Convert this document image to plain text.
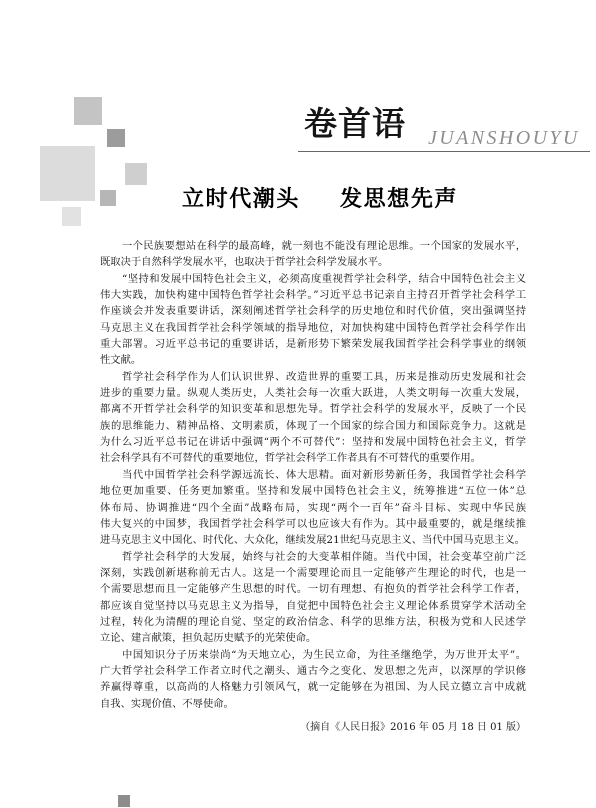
卷首语 JUANSHOUYU
立时代潮头 发思想先声
一个民族要想站在科学的最高峰，就一刻也不能没有理论思维。一个国家的发展水平，
既取决于自然科学发展水平，也取决于哲学社会科学发展水平。
“坚持和发展中国特色社会主义，必须高度重视哲学社会科学，结合中国特色社会主义
伟大实践，加快构建中国特色哲学社会科学。”习近平总书记亲自主持召开哲学社会科学工
作座谈会并发表重要讲话，深刻阐述哲学社会科学的历史地位和时代价值，突出强调坚持
马克思主义在我国哲学社会科学领域的指导地位，对加快构建中国特色哲学社会科学作出
重大部署。习近平总书记的重要讲话，是新形势下繁荣发展我国哲学社会科学事业的纲领
性文献。
哲学社会科学作为人们认识世界、改造世界的重要工具，历来是推动历史发展和社会
进步的重要力量。纵观人类历史，人类社会每一次重大跃进，人类文明每一次重大发展，
都离不开哲学社会科学的知识变革和思想先导。哲学社会科学的发展水平，反映了一个民
族的思维能力、精神品格、文明素质，体现了一个国家的综合国力和国际竞争力。这就是
为什么习近平总书记在讲话中强调“两个不可替代”：坚持和发展中国特色社会主义，哲学
社会科学具有不可替代的重要地位，哲学社会科学工作者具有不可替代的重要作用。
当代中国哲学社会科学源远流长、体大思精。面对新形势新任务，我国哲学社会科学
地位更加重要、任务更加繁重。坚持和发展中国特色社会主义，统筹推进“五位一体”总
体布局、协调推进“四个全面”战略布局，实现“两个一百年”奋斗目标、实现中华民族
伟大复兴的中国梦，我国哲学社会科学可以也应该大有作为。其中最重要的，就是继续推
进马克思主义中国化、时代化、大众化，继续发展21世纪马克思主义、当代中国马克思主义。
哲学社会科学的大发展，始终与社会的大变革相伴随。当代中国，社会变革空前广泛
深刻，实践创新堪称前无古人。这是一个需要理论而且一定能够产生理论的时代，也是一
个需要思想而且一定能够产生思想的时代。一切有理想、有抱负的哲学社会科学工作者，
都应该自觉坚持以马克思主义为指导，自觉把中国特色社会主义理论体系贯穿学术活动全
过程，转化为清醒的理论自觉、坚定的政治信念、科学的思维方法，积极为党和人民述学
立论、建言献策，担负起历史赋予的光荣使命。
中国知识分子历来崇尚“为天地立心，为生民立命，为往圣继绝学，为万世开太平”。
广大哲学社会科学工作者立时代之潮头、通古今之变化、发思想之先声，以深厚的学识修
养赢得尊重，以高尚的人格魅力引领风气，就一定能够在为祖国、为人民立德立言中成就
自我、实现价值、不辱使命。
（摘自《人民日报》2016 年 05 月 18 日 01 版）
